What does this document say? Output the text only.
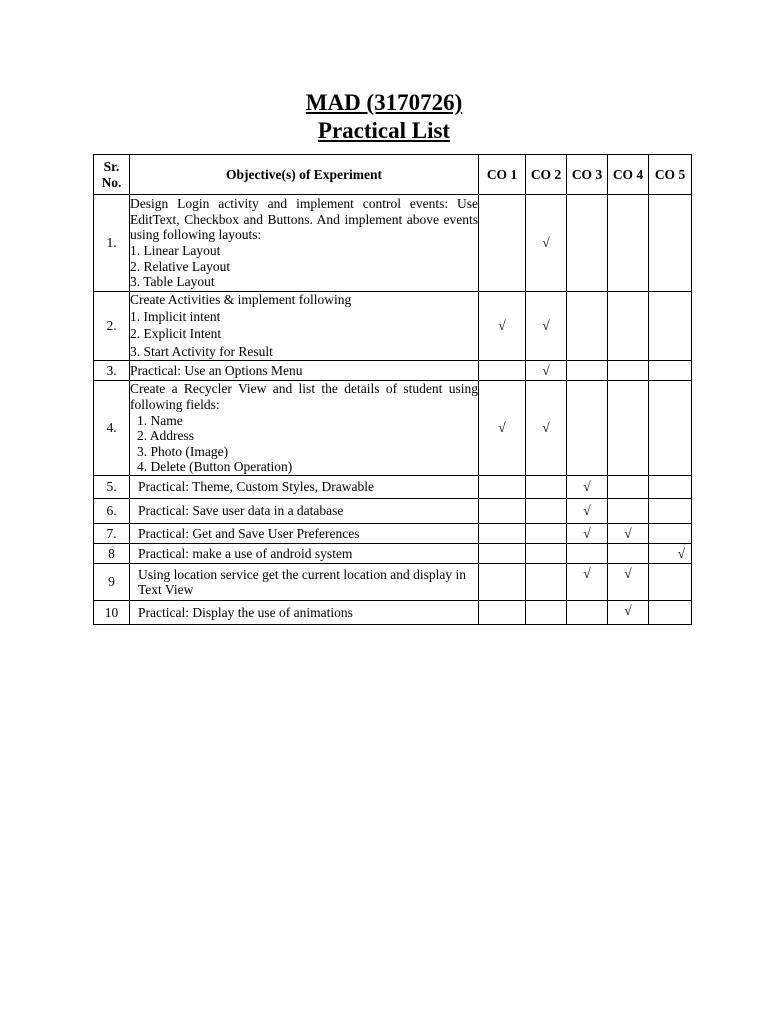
MAD (3170726)
Practical List
Sr. No.	Objective(s) of Experiment	CO 1	CO 2	CO 3	CO 4	CO 5
1.	Design Login activity and implement control events: Use EditText, Checkbox and Buttons. And implement above events using following layouts:
1. Linear Layout
2. Relative Layout
3. Table Layout		√			
2.	Create Activities & implement following
1. Implicit intent
2. Explicit Intent
3. Start Activity for Result	√	√			
3.	Practical: Use an Options Menu		√			
4.	Create a Recycler View and list the details of student using following fields:
1. Name
2. Address
3. Photo (Image)
4. Delete (Button Operation)	√	√			
5.	Practical: Theme, Custom Styles, Drawable			√		
6.	Practical: Save user data in a database			√		
7.	Practical: Get and Save User Preferences			√	√	
8	Practical: make a use of android system					√
9	Using location service get the current location and display in Text View			√	√	
10	Practical: Display the use of animations				√	
